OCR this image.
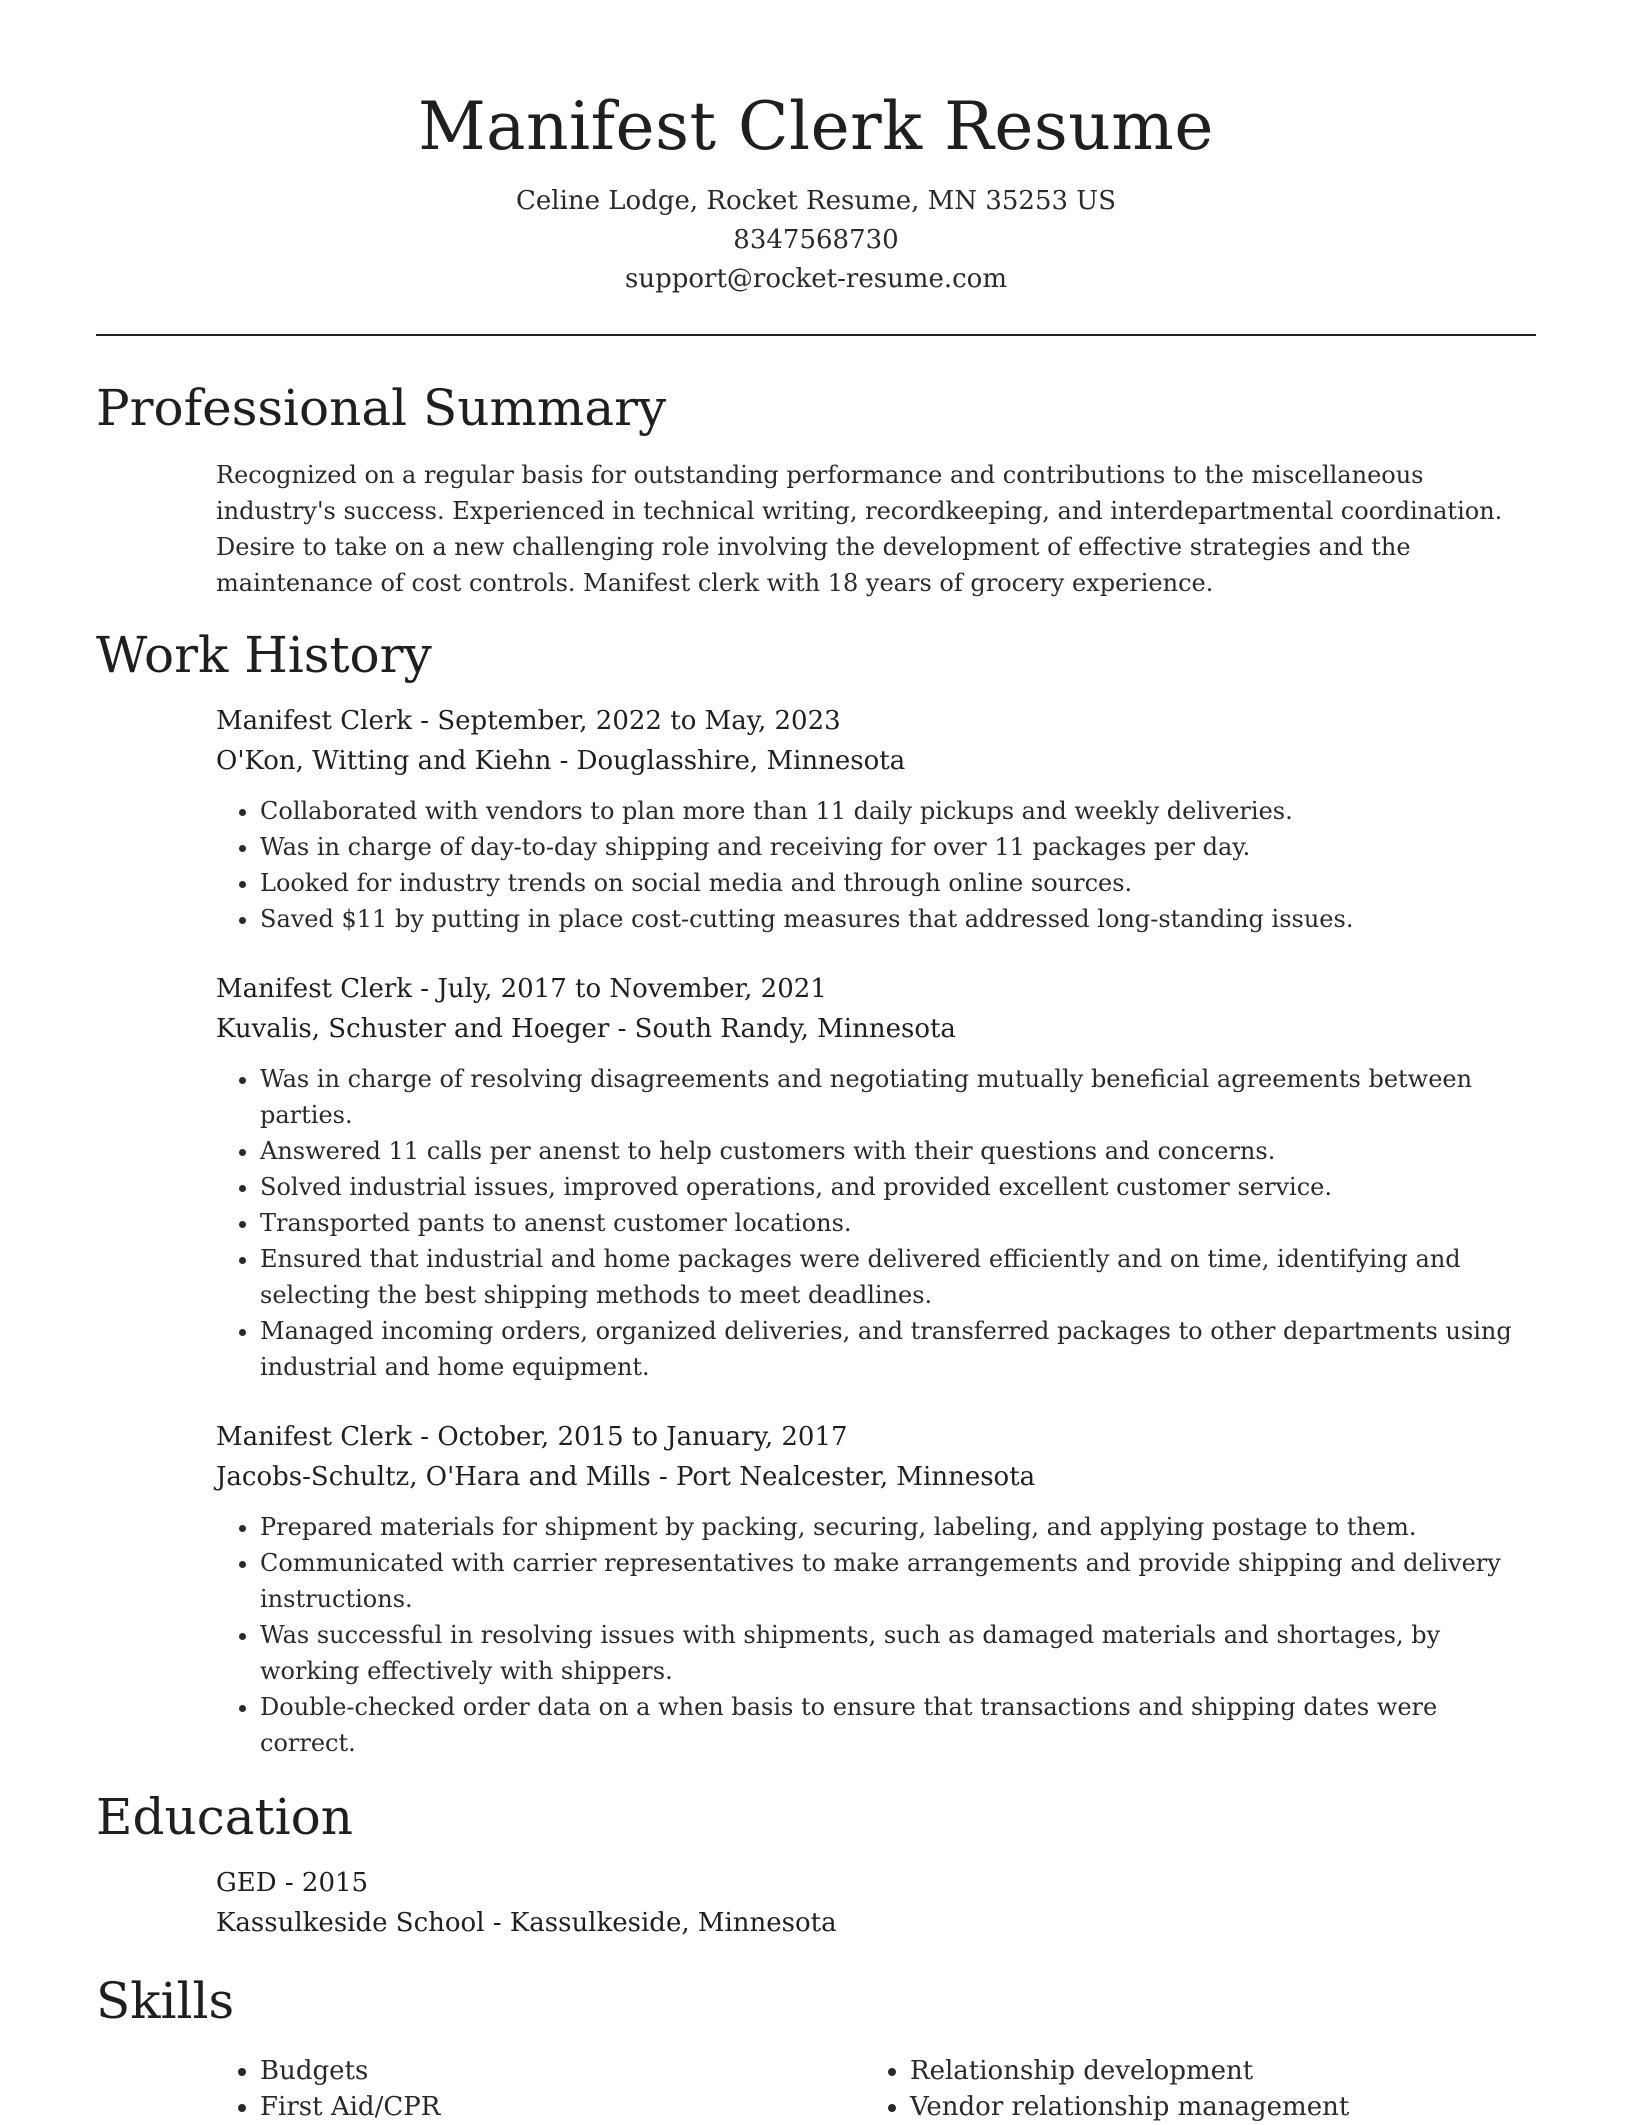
Manifest Clerk Resume
Celine Lodge, Rocket Resume, MN 35253 US
8347568730
support@rocket-resume.com
Professional Summary
Recognized on a regular basis for outstanding performance and contributions to the miscellaneous industry's success. Experienced in technical writing, recordkeeping, and interdepartmental coordination. Desire to take on a new challenging role involving the development of effective strategies and the maintenance of cost controls. Manifest clerk with 18 years of grocery experience.
Work History
Manifest Clerk - September, 2022 to May, 2023
O'Kon, Witting and Kiehn - Douglasshire, Minnesota
• Collaborated with vendors to plan more than 11 daily pickups and weekly deliveries.
• Was in charge of day-to-day shipping and receiving for over 11 packages per day.
• Looked for industry trends on social media and through online sources.
• Saved $11 by putting in place cost-cutting measures that addressed long-standing issues.
Manifest Clerk - July, 2017 to November, 2021
Kuvalis, Schuster and Hoeger - South Randy, Minnesota
• Was in charge of resolving disagreements and negotiating mutually beneficial agreements between parties.
• Answered 11 calls per anenst to help customers with their questions and concerns.
• Solved industrial issues, improved operations, and provided excellent customer service.
• Transported pants to anenst customer locations.
• Ensured that industrial and home packages were delivered efficiently and on time, identifying and selecting the best shipping methods to meet deadlines.
• Managed incoming orders, organized deliveries, and transferred packages to other departments using industrial and home equipment.
Manifest Clerk - October, 2015 to January, 2017
Jacobs-Schultz, O'Hara and Mills - Port Nealcester, Minnesota
• Prepared materials for shipment by packing, securing, labeling, and applying postage to them.
• Communicated with carrier representatives to make arrangements and provide shipping and delivery instructions.
• Was successful in resolving issues with shipments, such as damaged materials and shortages, by working effectively with shippers.
• Double-checked order data on a when basis to ensure that transactions and shipping dates were correct.
Education
GED - 2015
Kassulkeside School - Kassulkeside, Minnesota
Skills
• Budgets
• First Aid/CPR
• Relationship development
• Vendor relationship management
